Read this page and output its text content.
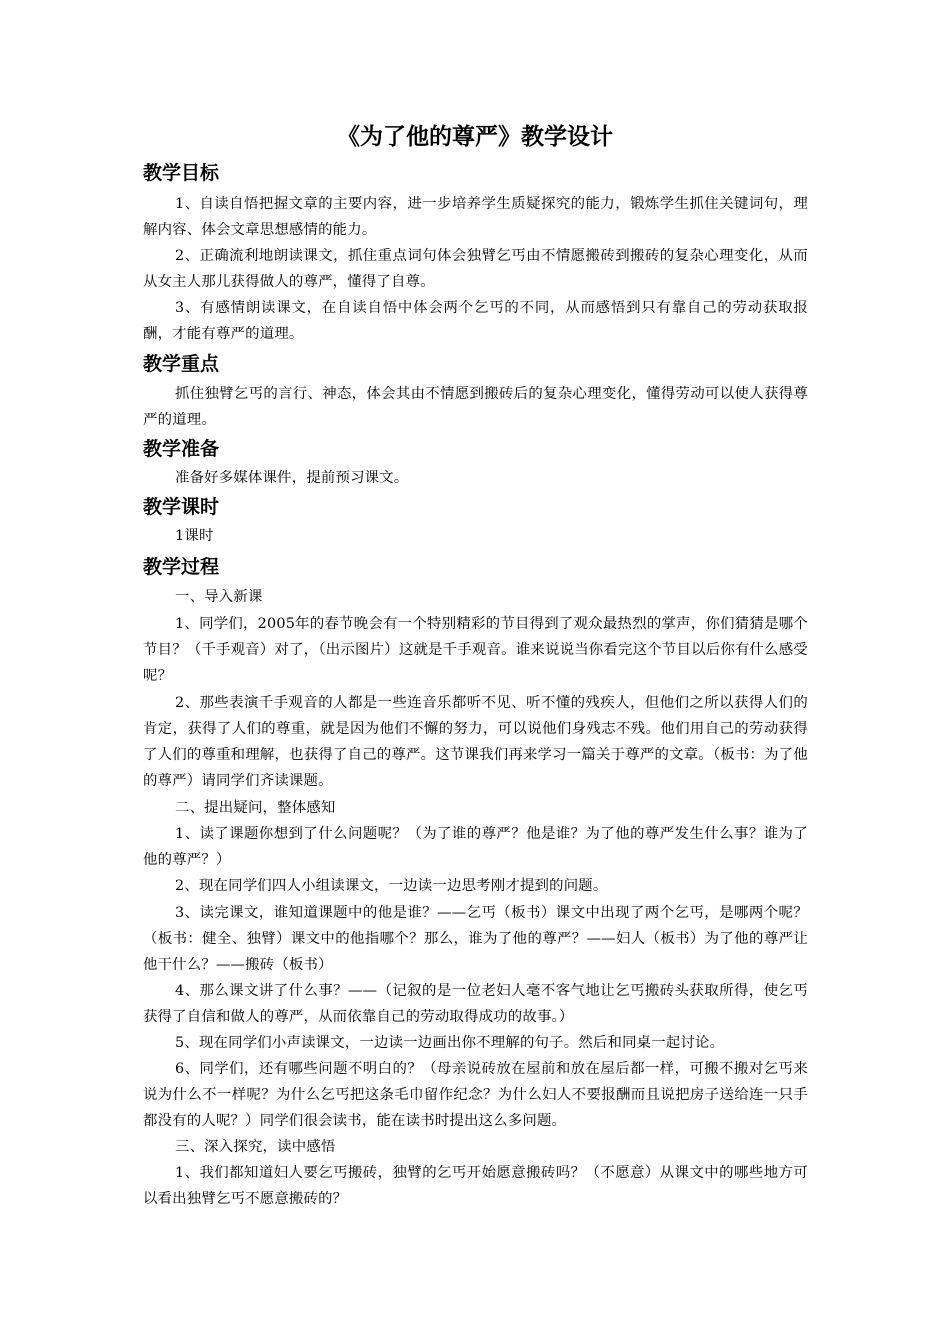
《为了他的尊严》教学设计
教学目标

1、自读自悟把握文章的主要内容，进一步培养学生质疑探究的能力，锻炼学生抓住关键词句，理解内容、体会文章思想感情的能力。

2、正确流利地朗读课文，抓住重点词句体会独臂乞丐由不情愿搬砖到搬砖的复杂心理变化，从而从女主人那儿获得做人的尊严，懂得了自尊。

3、有感情朗读课文，在自读自悟中体会两个乞丐的不同，从而感悟到只有靠自己的劳动获取报酬，才能有尊严的道理。

教学重点

抓住独臂乞丐的言行、神态，体会其由不情愿到搬砖后的复杂心理变化，懂得劳动可以使人获得尊严的道理。

教学准备

准备好多媒体课件，提前预习课文。

教学课时

1课时

教学过程

一、导入新课

1、同学们，2005年的春节晚会有一个特别精彩的节目得到了观众最热烈的掌声，你们猜猜是哪个节目？（千手观音）对了，（出示图片）这就是千手观音。谁来说说当你看完这个节目以后你有什么感受呢？

2、那些表演千手观音的人都是一些连音乐都听不见、听不懂的残疾人，但他们之所以获得人们的肯定，获得了人们的尊重，就是因为他们不懈的努力，可以说他们身残志不残。他们用自己的劳动获得了人们的尊重和理解，也获得了自己的尊严。这节课我们再来学习一篇关于尊严的文章。（板书：为了他的尊严）请同学们齐读课题。

二、提出疑问，整体感知

1、读了课题你想到了什么问题呢？（为了谁的尊严？他是谁？为了他的尊严发生什么事？谁为了他的尊严？）

2、现在同学们四人小组读课文，一边读一边思考刚才提到的问题。

3、读完课文，谁知道课题中的他是谁？——乞丐（板书）课文中出现了两个乞丐，是哪两个呢？（板书：健全、独臂）课文中的他指哪个？那么，谁为了他的尊严？——妇人（板书）为了他的尊严让他干什么？——搬砖（板书）

4、那么课文讲了什么事？——（记叙的是一位老妇人毫不客气地让乞丐搬砖头获取所得，使乞丐获得了自信和做人的尊严，从而依靠自己的劳动取得成功的故事。）

5、现在同学们小声读课文，一边读一边画出你不理解的句子。然后和同桌一起讨论。

6、同学们，还有哪些问题不明白的？（母亲说砖放在屋前和放在屋后都一样，可搬不搬对乞丐来说为什么不一样呢？为什么乞丐把这条毛巾留作纪念？为什么妇人不要报酬而且说把房子送给连一只手都没有的人呢？）同学们很会读书，能在读书时提出这么多问题。

三、深入探究，读中感悟

1、我们都知道妇人要乞丐搬砖，独臂的乞丐开始愿意搬砖吗？（不愿意）从课文中的哪些地方可以看出独臂乞丐不愿意搬砖的？
